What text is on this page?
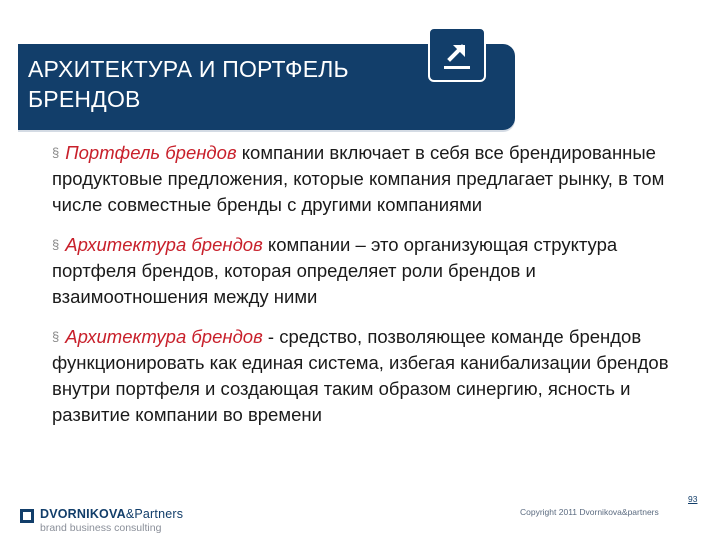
АРХИТЕКТУРА И ПОРТФЕЛЬ
БРЕНДОВ

§ Портфель брендов компании включает в себя все брендированные продуктовые предложения, которые компания предлагает рынку, в том числе совместные бренды с другими компаниями

§ Архитектура брендов компании – это организующая структура портфеля брендов, которая определяет роли брендов и взаимоотношения между ними

§ Архитектура брендов - средство, позволяющее команде брендов функционировать как единая система, избегая канибализации брендов внутри портфеля и создающая таким образом синергию, ясность и развитие компании во времени

DVORNIKOVA&Partners
brand business consulting
Copyright 2011 Dvornikova&partners
93
